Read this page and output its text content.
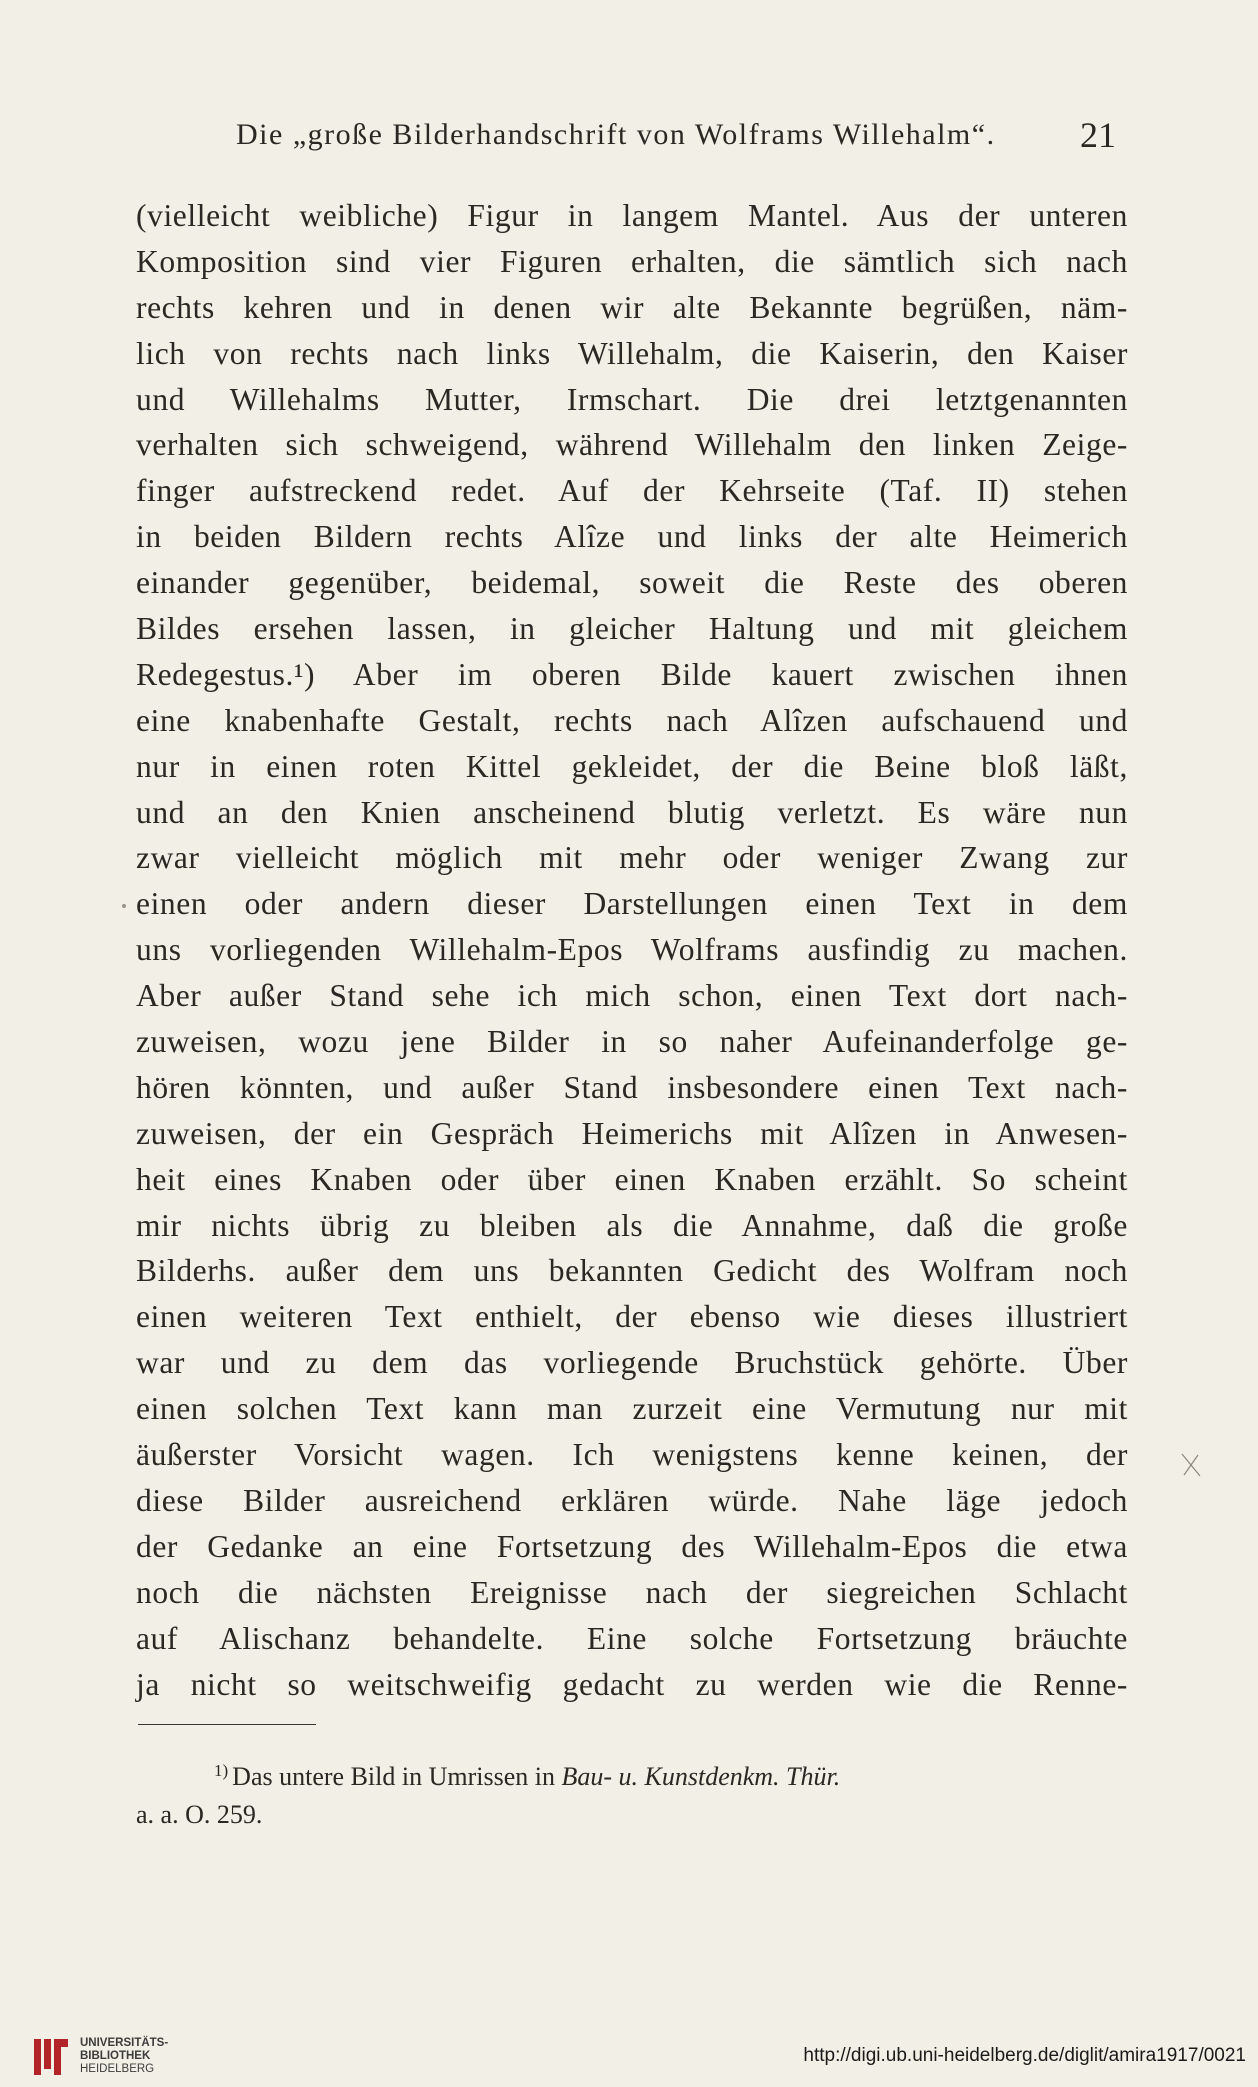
Die „große Bilderhandschrift von Wolframs Willehalm“. 21
(vielleicht weibliche) Figur in langem Mantel. Aus der unteren
Komposition sind vier Figuren erhalten, die sämtlich sich nach
rechts kehren und in denen wir alte Bekannte begrüßen, näm-
lich von rechts nach links Willehalm, die Kaiserin, den Kaiser
und Willehalms Mutter, Irmschart. Die drei letztgenannten
verhalten sich schweigend, während Willehalm den linken Zeige-
finger aufstreckend redet. Auf der Kehrseite (Taf. II) stehen
in beiden Bildern rechts Alîze und links der alte Heimerich
einander gegenüber, beidemal, soweit die Reste des oberen
Bildes ersehen lassen, in gleicher Haltung und mit gleichem
Redegestus.¹) Aber im oberen Bilde kauert zwischen ihnen
eine knabenhafte Gestalt, rechts nach Alîzen aufschauend und
nur in einen roten Kittel gekleidet, der die Beine bloß läßt,
und an den Knien anscheinend blutig verletzt. Es wäre nun
zwar vielleicht möglich mit mehr oder weniger Zwang zur
einen oder andern dieser Darstellungen einen Text in dem
uns vorliegenden Willehalm-Epos Wolframs ausfindig zu machen.
Aber außer Stand sehe ich mich schon, einen Text dort nach-
zuweisen, wozu jene Bilder in so naher Aufeinanderfolge ge-
hören könnten, und außer Stand insbesondere einen Text nach-
zuweisen, der ein Gespräch Heimerichs mit Alîzen in Anwesen-
heit eines Knaben oder über einen Knaben erzählt. So scheint
mir nichts übrig zu bleiben als die Annahme, daß die große
Bilderhs. außer dem uns bekannten Gedicht des Wolfram noch
einen weiteren Text enthielt, der ebenso wie dieses illustriert
war und zu dem das vorliegende Bruchstück gehörte. Über
einen solchen Text kann man zurzeit eine Vermutung nur mit
äußerster Vorsicht wagen. Ich wenigstens kenne keinen, der
diese Bilder ausreichend erklären würde. Nahe läge jedoch
der Gedanke an eine Fortsetzung des Willehalm-Epos die etwa
noch die nächsten Ereignisse nach der siegreichen Schlacht
auf Alischanz behandelte. Eine solche Fortsetzung bräuchte
ja nicht so weitschweifig gedacht zu werden wie die Renne-
$^{1)}$ Das untere Bild in Umrissen in Bau- u. Kunstdenkm. Thür.
a. a. O. 259.
UNIVERSITÄTS-
BIBLIOTHEK
HEIDELBERG
http://digi.ub.uni-heidelberg.de/diglit/amira1917/0021
